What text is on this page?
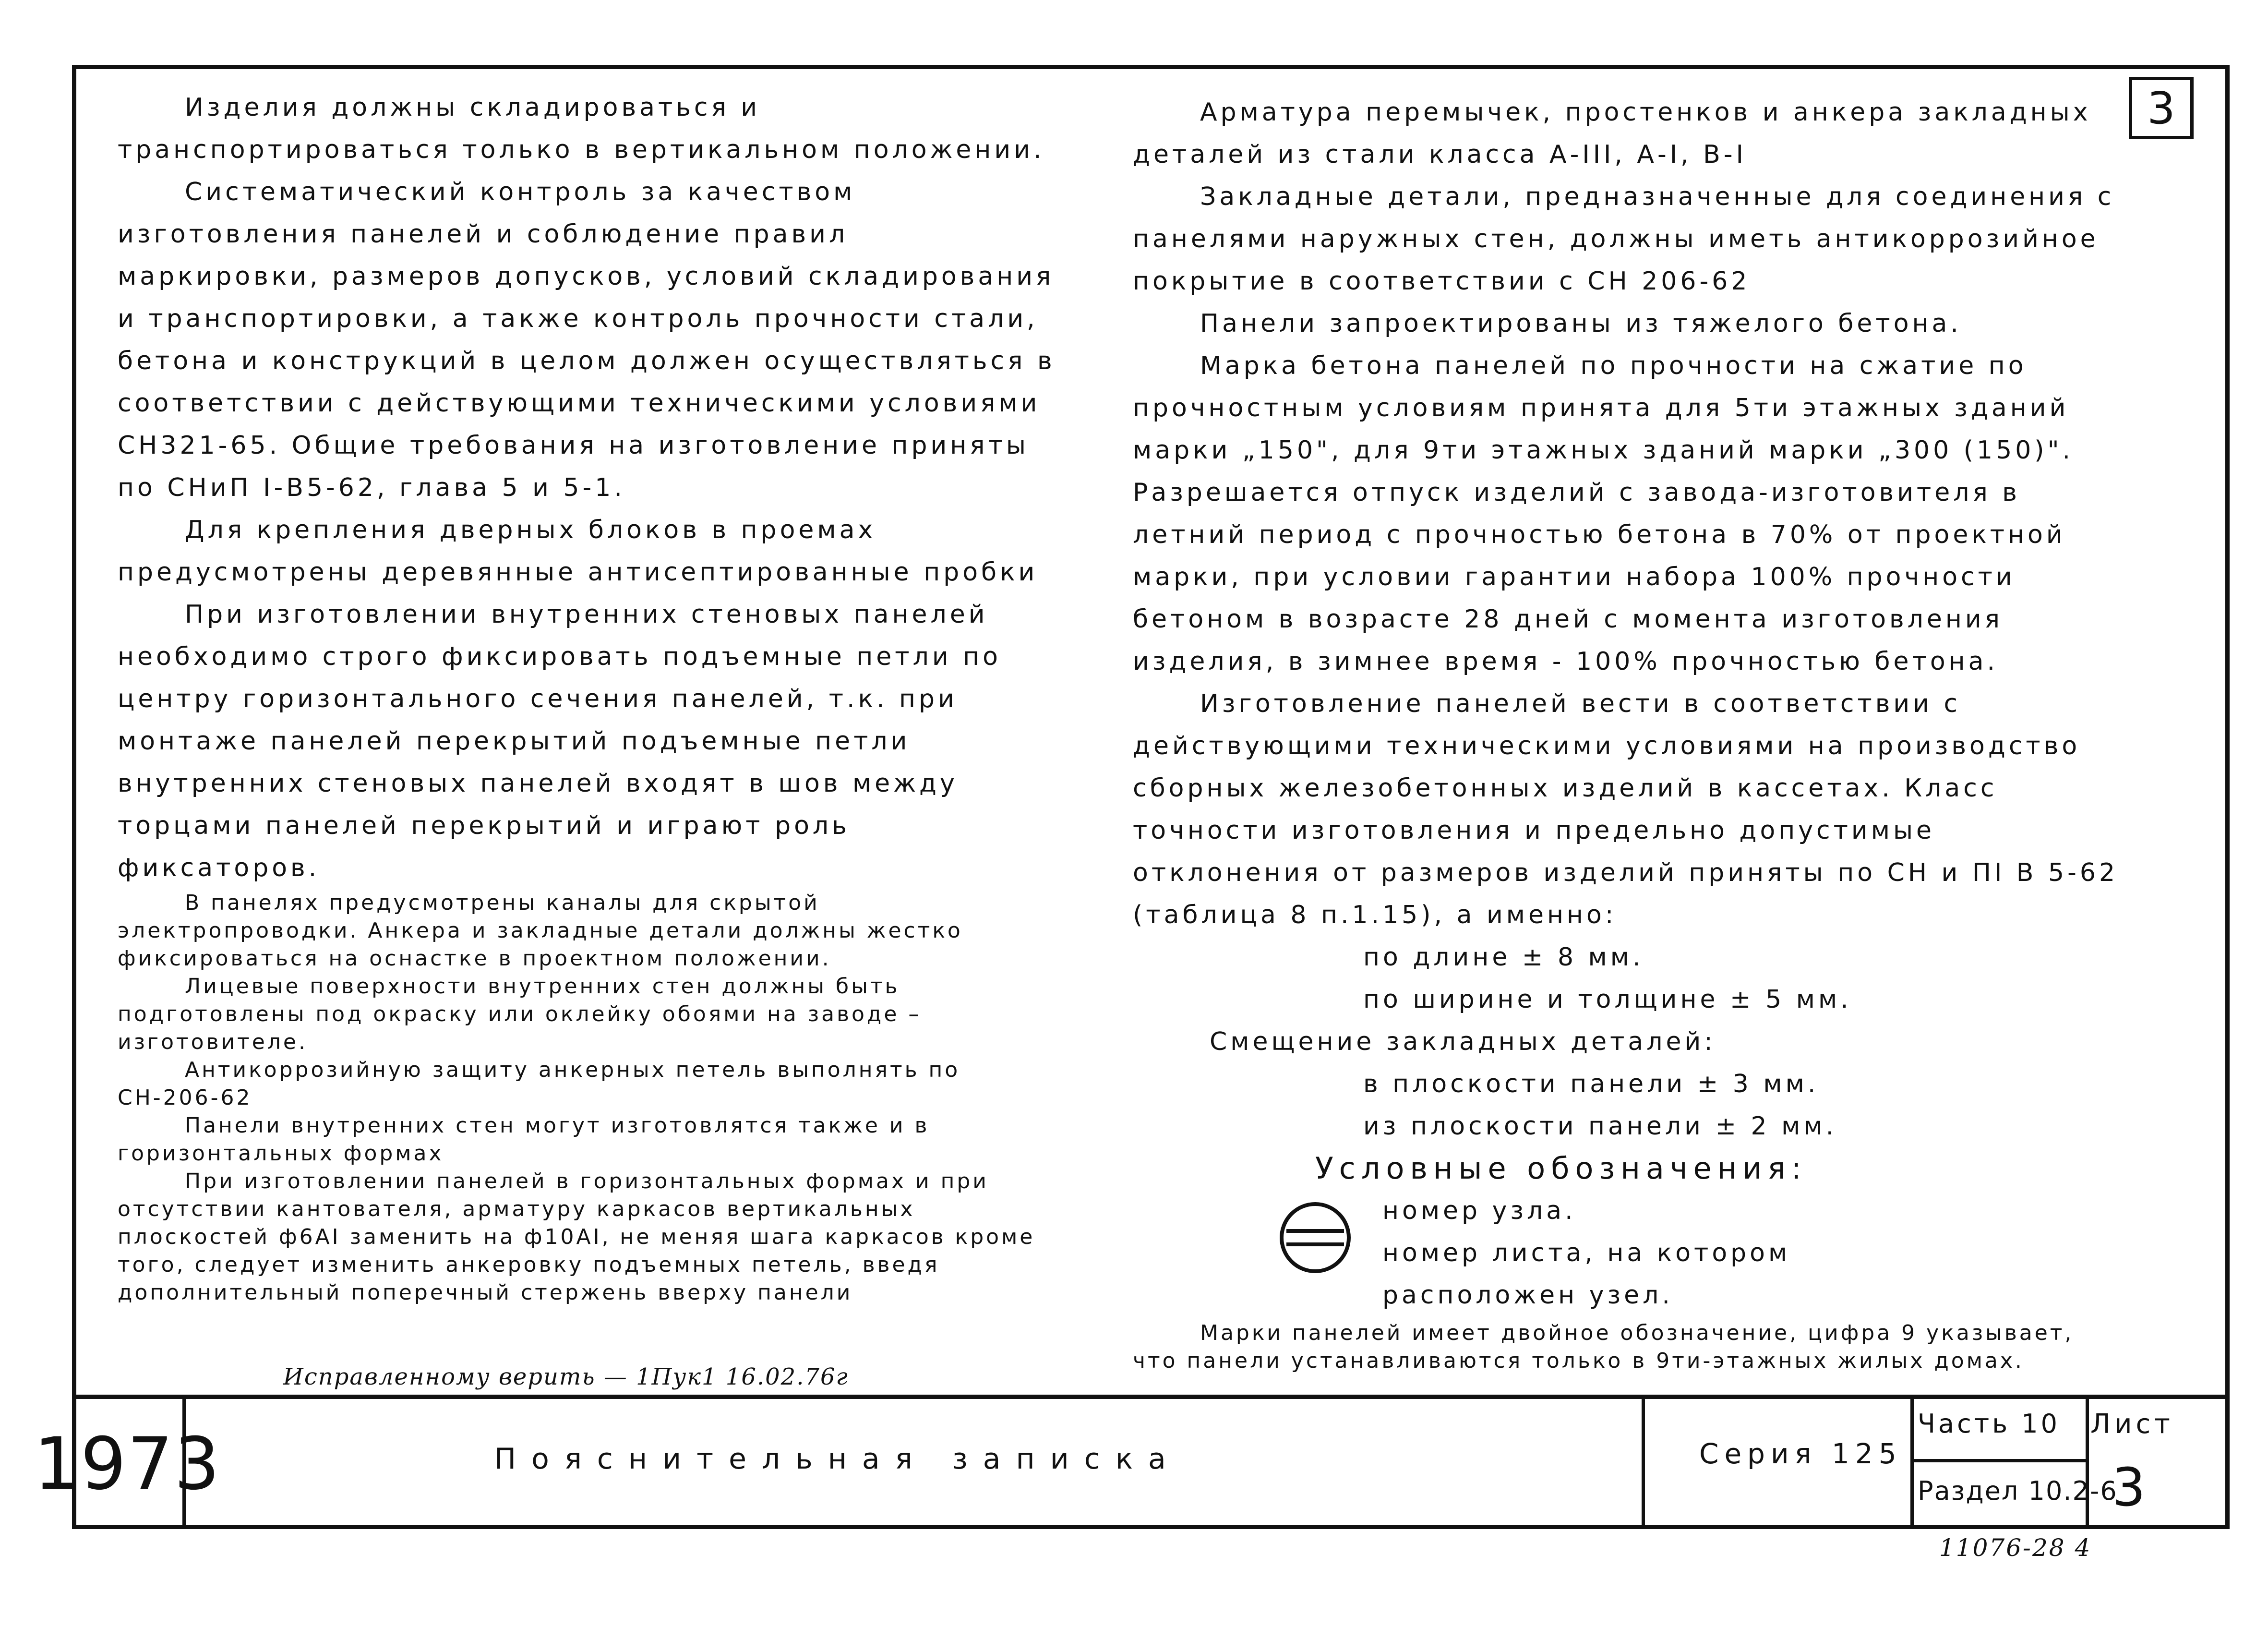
3

Изделия должны складироваться и транспортироваться только в вертикальном положении.

Систематический контроль за качеством изготовления панелей и соблюдение правил маркировки, размеров допусков, условий складирования и транспортировки, а также контроль прочности стали, бетона и конструкций в целом должен осуществляться в соответствии с действующими техническими условиями СН321-65. Общие требования на изготовление приняты по СНиП I-В5-62, глава 5 и 5-1.

Для крепления дверных блоков в проемах предусмотрены деревянные антисептированные пробки

При изготовлении внутренних стеновых панелей необходимо строго фиксировать подъемные петли по центру горизонтального сечения панелей, т.к. при монтаже панелей перекрытий подъемные петли внутренних стеновых панелей входят в шов между торцами панелей перекрытий и играют роль фиксаторов.

В панелях предусмотрены каналы для скрытой электропроводки. Анкера и закладные детали должны жестко фиксироваться на оснастке в проектном положении.

Лицевые поверхности внутренних стен должны быть подготовлены под окраску или оклейку обоями на заводе – изготовителе.

Антикоррозийную защиту анкерных петель выполнять по СН-206-62

Панели внутренних стен могут изготовлятся также и в горизонтальных формах

При изготовлении панелей в горизонтальных формах и при отсутствии кантователя, арматуру каркасов вертикальных плоскостей ф6АI заменить на ф10АI, не меняя шага каркасов кроме того, следует изменить анкеровку подъемных петель, введя дополнительный поперечный стержень вверху панели

Исправленному верить — 1Пук1 16.02.76г

Арматура перемычек, простенков и анкера закладных деталей из стали класса А-III, А-I, В-I

Закладные детали, предназначенные для соединения с панелями наружных стен, должны иметь антикоррозийное покрытие в соответствии с СН 206-62

Панели запроектированы из тяжелого бетона.

Марка бетона панелей по прочности на сжатие по прочностным условиям принята для 5ти этажных зданий марки „150", для 9ти этажных зданий марки „300 (150)". Разрешается отпуск изделий с завода-изготовителя в летний период с прочностью бетона в 70% от проектной марки, при условии гарантии набора 100% прочности бетоном в возрасте 28 дней с момента изготовления изделия, в зимнее время - 100% прочностью бетона.

Изготовление панелей вести в соответствии с действующими техническими условиями на производство сборных железобетонных изделий в кассетах. Класс точности изготовления и предельно допустимые отклонения от размеров изделий приняты по СН и ПI В 5-62 (таблица 8 п.1.15), а именно:

по длине ± 8 мм.

по ширине и толщине ± 5 мм.

Смещение закладных деталей:

в плоскости панели ± 3 мм.

из плоскости панели ± 2 мм.

Условные обозначения:

номер узла.
номер листа, на котором
расположен узел.

Марки панелей имеет двойное обозначение, цифра 9 указывает, что панели устанавливаются только в 9ти-этажных жилых домах.

1973	Пояснительная записка	Серия 125
Часть 10
Раздел 10.2-6
Лист
3
11076-28 4
